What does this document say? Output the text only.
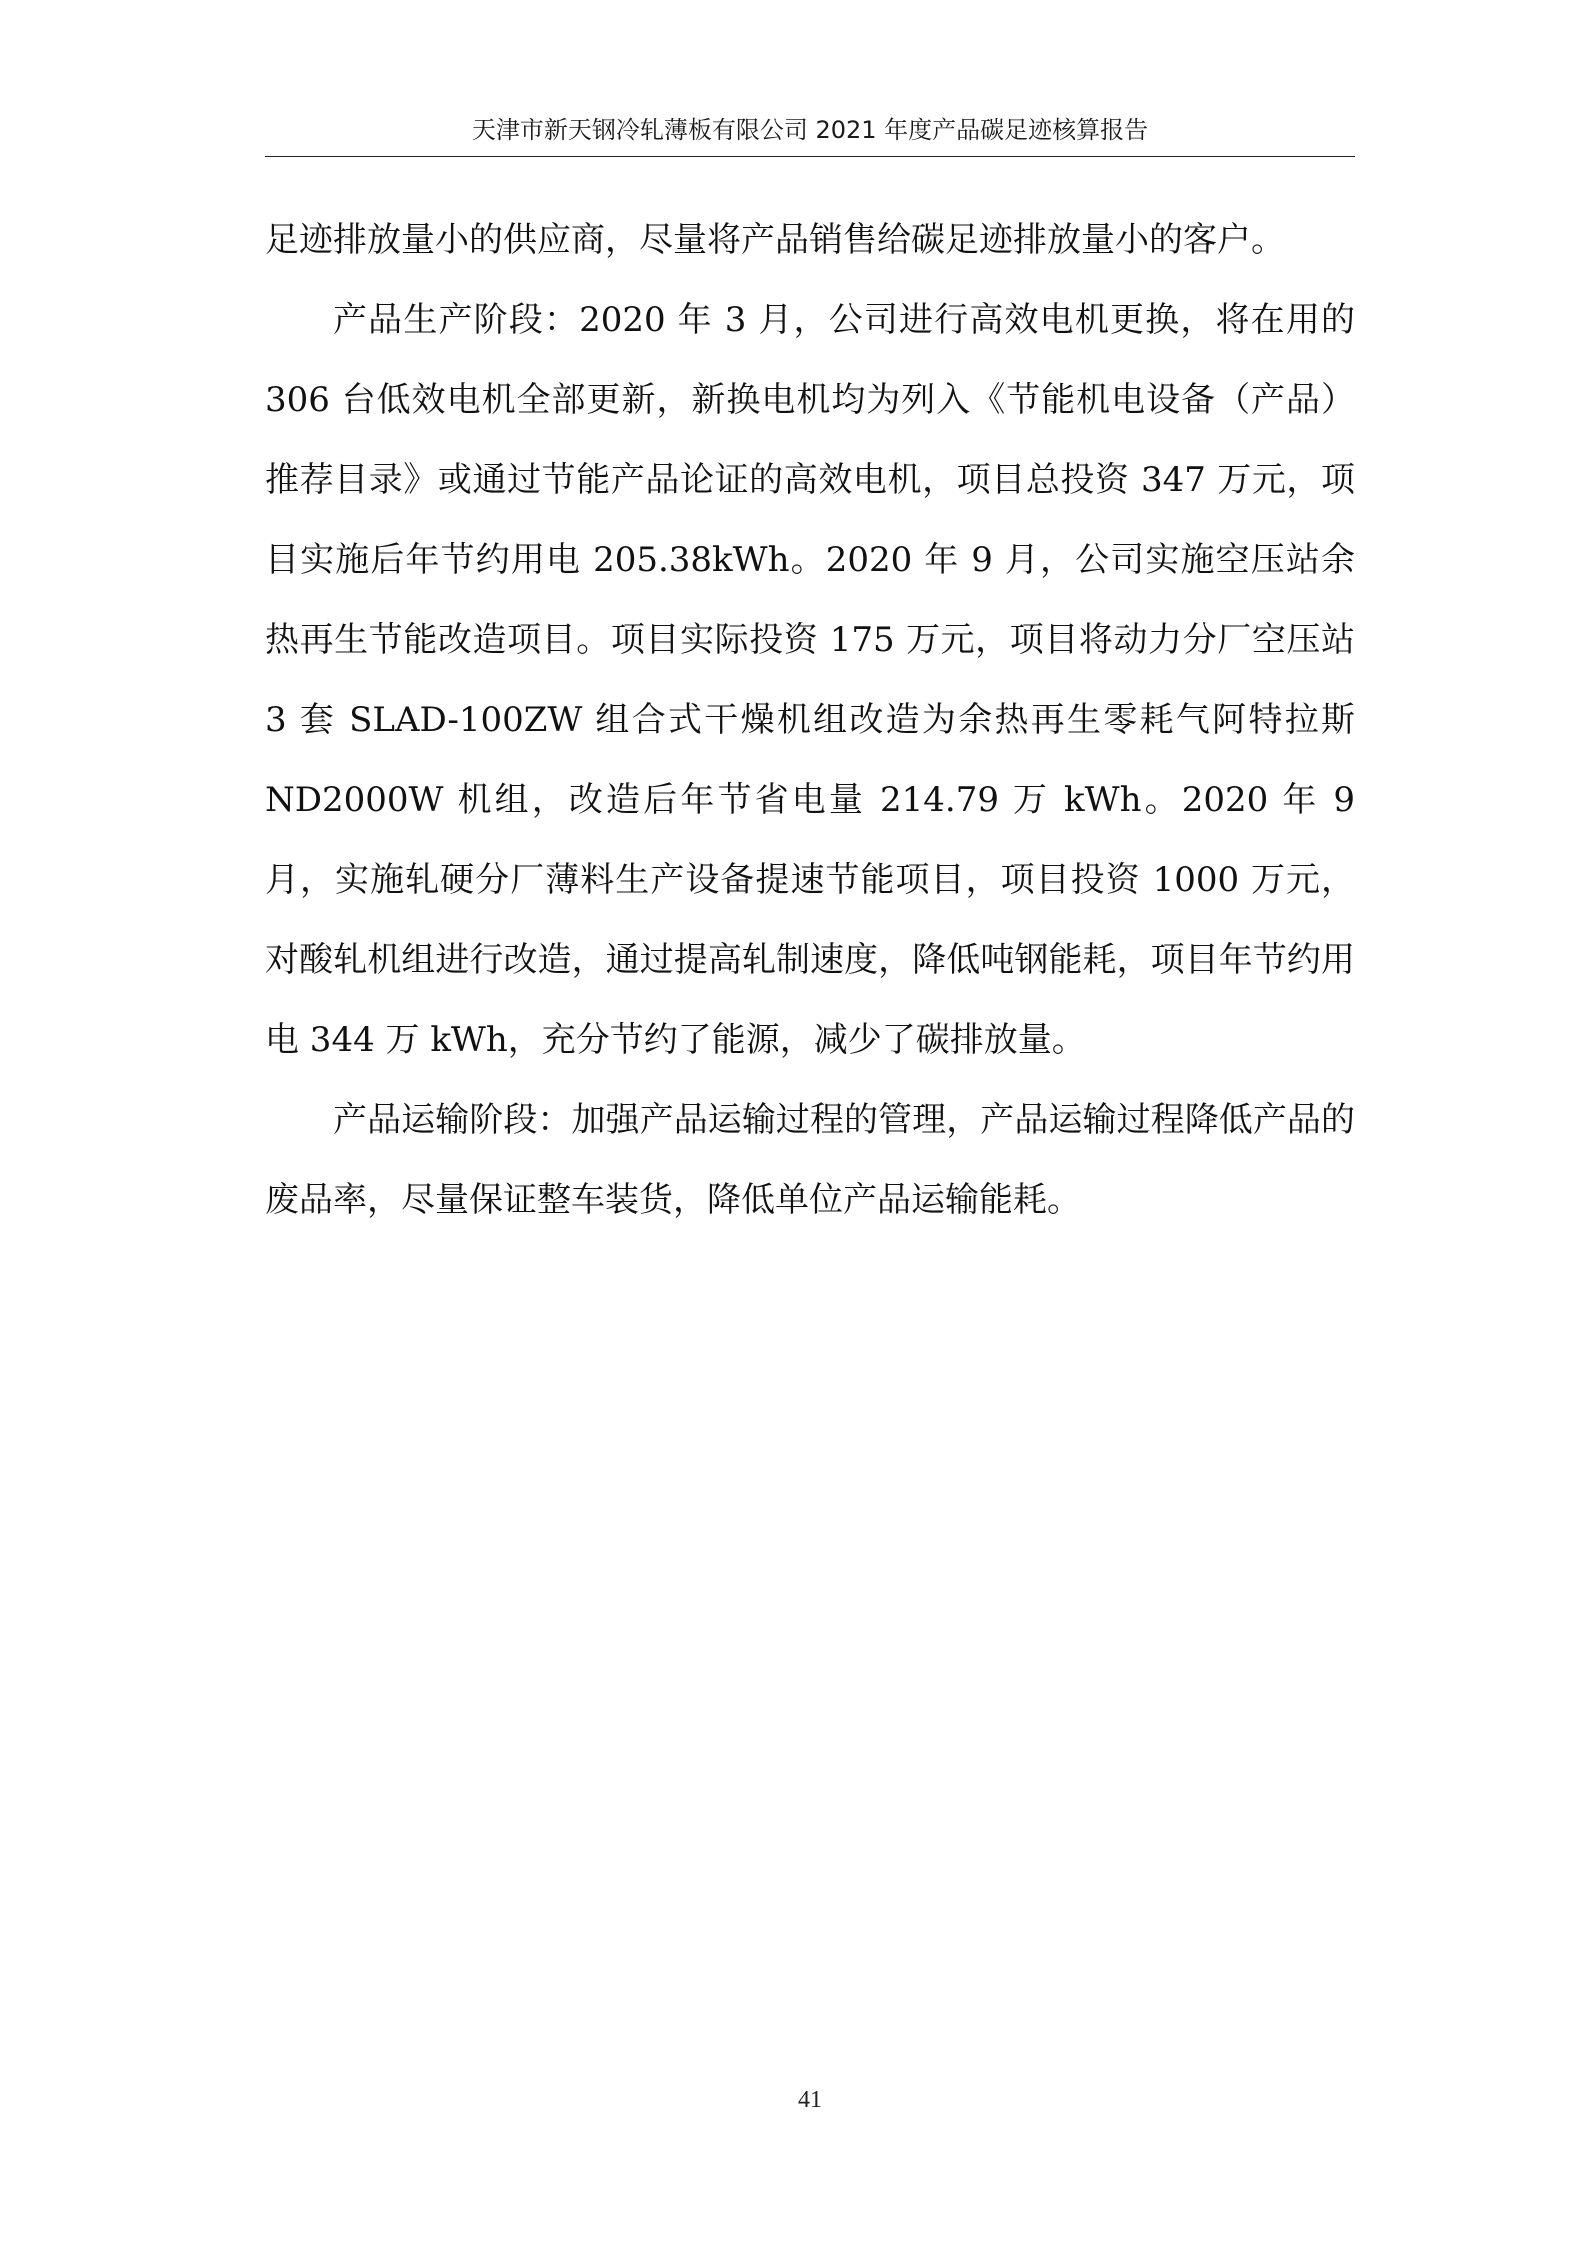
天津市新天钢冷轧薄板有限公司 2021 年度产品碳足迹核算报告

足迹排放量小的供应商，尽量将产品销售给碳足迹排放量小的客户。

产品生产阶段：2020 年 3 月，公司进行高效电机更换，将在用的 306 台低效电机全部更新，新换电机均为列入《节能机电设备（产品）推荐目录》或通过节能产品论证的高效电机，项目总投资 347 万元，项目实施后年节约用电 205.38kWh。2020 年 9 月，公司实施空压站余热再生节能改造项目。项目实际投资 175 万元，项目将动力分厂空压站 3 套 SLAD-100ZW 组合式干燥机组改造为余热再生零耗气阿特拉斯 ND2000W 机组，改造后年节省电量 214.79 万 kWh。2020 年 9 月，实施轧硬分厂薄料生产设备提速节能项目，项目投资 1000 万元，对酸轧机组进行改造，通过提高轧制速度，降低吨钢能耗，项目年节约用电 344 万 kWh，充分节约了能源，减少了碳排放量。

产品运输阶段：加强产品运输过程的管理，产品运输过程降低产品的废品率，尽量保证整车装货，降低单位产品运输能耗。

41
